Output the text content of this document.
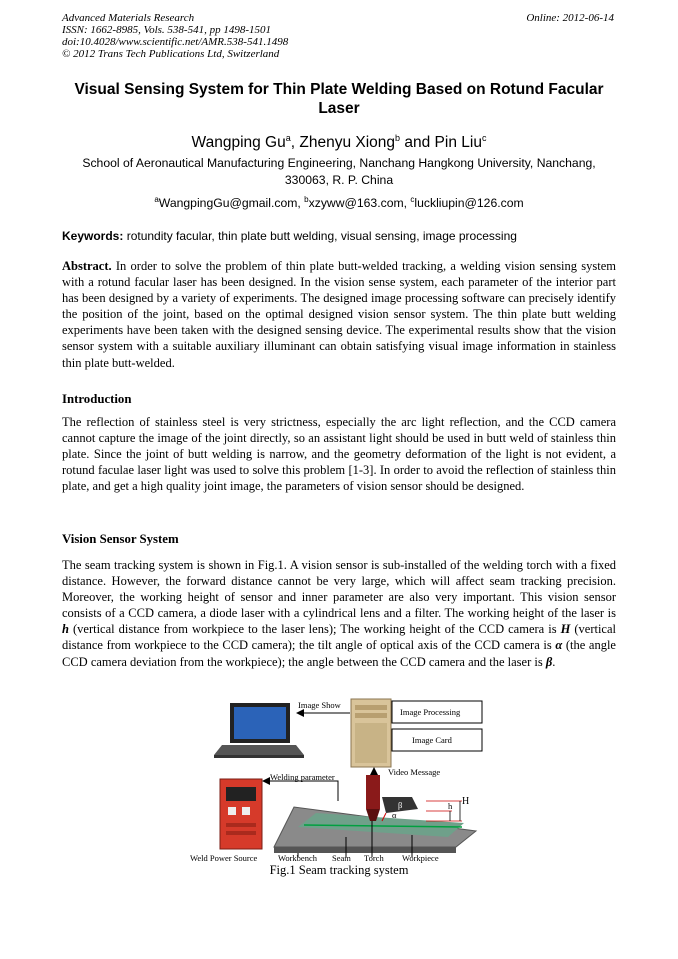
Advanced Materials Research
ISSN: 1662-8985, Vols. 538-541, pp 1498-1501
doi:10.4028/www.scientific.net/AMR.538-541.1498
© 2012 Trans Tech Publications Ltd, Switzerland
Online: 2012-06-14
Visual Sensing System for Thin Plate Welding Based on Rotund Facular Laser
Wangping Gu$^a$, Zhenyu Xiong$^b$ and Pin Liu$^c$
School of Aeronautical Manufacturing Engineering, Nanchang Hangkong University, Nanchang, 330063, R. P. China
$^a$WangpingGu@gmail.com, $^b$xzyww@163.com, $^c$luckliupin@126.com
Keywords: rotundity facular, thin plate butt welding, visual sensing, image processing
Abstract. In order to solve the problem of thin plate butt-welded tracking, a welding vision sensing system with a rotund facular laser has been designed. In the vision sense system, each parameter of the interior part has been designed by a variety of experiments. The designed image processing software can precisely identify the position of the joint, based on the optimal designed vision sensor system. The thin plate butt welding experiments have been taken with the designed sensing device. The experimental results show that the vision sensor system with a suitable auxiliary illuminant can obtain satisfying visual image information in stainless thin plate butt-welded.
Introduction
The reflection of stainless steel is very strictness, especially the arc light reflection, and the CCD camera cannot capture the image of the joint directly, so an assistant light should be used in butt weld of stainless thin plate. Since the joint of butt welding is narrow, and the geometry deformation of the light is not evident, a rotund faculae laser light was used to solve this problem [1-3]. In order to avoid the reflection of stainless thin plate, and get a high quality joint image, the parameters of vision sensor should be designed.
Vision Sensor System
The seam tracking system is shown in Fig.1. A vision sensor is sub-installed of the welding torch with a fixed distance. However, the forward distance cannot be very large, which will affect seam tracking precision. Moreover, the working height of sensor and inner parameter are also very important. This vision sensor consists of a CCD camera, a diode laser with a cylindrical lens and a filter. The working height of the laser is h (vertical distance from workpiece to the laser lens); The working height of the CCD camera is H (vertical distance from workpiece to the CCD camera); the tilt angle of optical axis of the CCD camera is α (the angle CCD camera deviation from the workpiece); the angle between the CCD camera and the laser is β.
Image Show
Image Processing
Image Card
Video Message
Welding parameter
h H
β
α
Weld Power Source Workbench Seam Torch Workpiece
Fig.1 Seam tracking system
